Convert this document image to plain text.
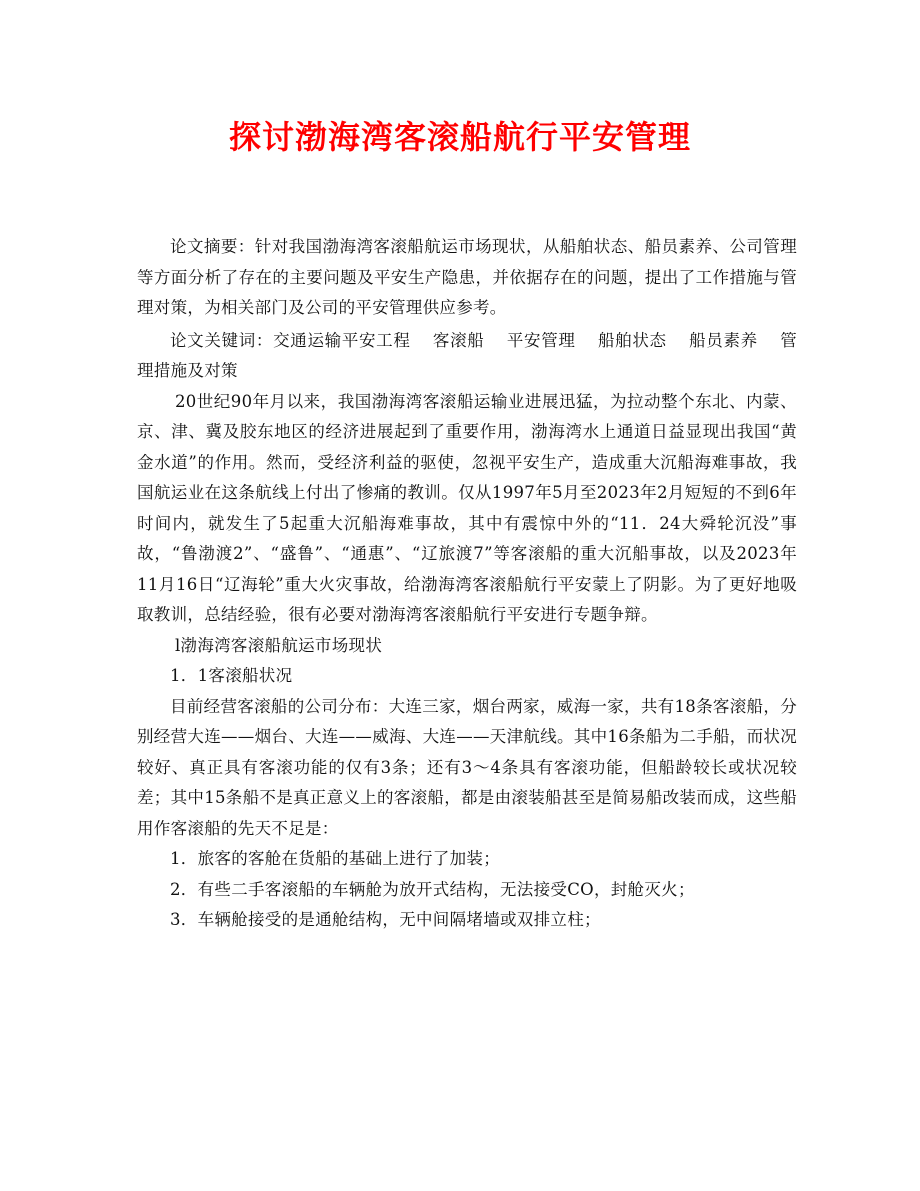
探讨渤海湾客滚船航行平安管理

论文摘要：针对我国渤海湾客滚船航运市场现状，从船舶状态、船员素养、公司管理等方面分析了存在的主要问题及平安生产隐患，并依据存在的问题，提出了工作措施与管理对策，为相关部门及公司的平安管理供应参考。

论文关键词：交通运输平安工程 客滚船 平安管理 船舶状态 船员素养 管理措施及对策

20世纪90年月以来，我国渤海湾客滚船运输业进展迅猛，为拉动整个东北、内蒙、京、津、冀及胶东地区的经济进展起到了重要作用，渤海湾水上通道日益显现出我国“黄金水道”的作用。然而，受经济利益的驱使，忽视平安生产，造成重大沉船海难事故，我国航运业在这条航线上付出了惨痛的教训。仅从1997年5月至2023年2月短短的不到6年时间内，就发生了5起重大沉船海难事故，其中有震惊中外的“11．24大舜轮沉没”事故，“鲁渤渡2”、“盛鲁”、“通惠”、“辽旅渡7”等客滚船的重大沉船事故，以及2023年11月16日“辽海轮”重大火灾事故，给渤海湾客滚船航行平安蒙上了阴影。为了更好地吸取教训，总结经验，很有必要对渤海湾客滚船航行平安进行专题争辩。

l渤海湾客滚船航运市场现状

1．1客滚船状况

目前经营客滚船的公司分布：大连三家，烟台两家，威海一家，共有18条客滚船，分别经营大连——烟台、大连——威海、大连——天津航线。其中16条船为二手船，而状况较好、真正具有客滚功能的仅有3条；还有3～4条具有客滚功能，但船龄较长或状况较差；其中15条船不是真正意义上的客滚船，都是由滚装船甚至是简易船改装而成，这些船用作客滚船的先天不足是：

1．旅客的客舱在货船的基础上进行了加装；

2．有些二手客滚船的车辆舱为放开式结构，无法接受CO，封舱灭火；

3．车辆舱接受的是通舱结构，无中间隔堵墙或双排立柱；
